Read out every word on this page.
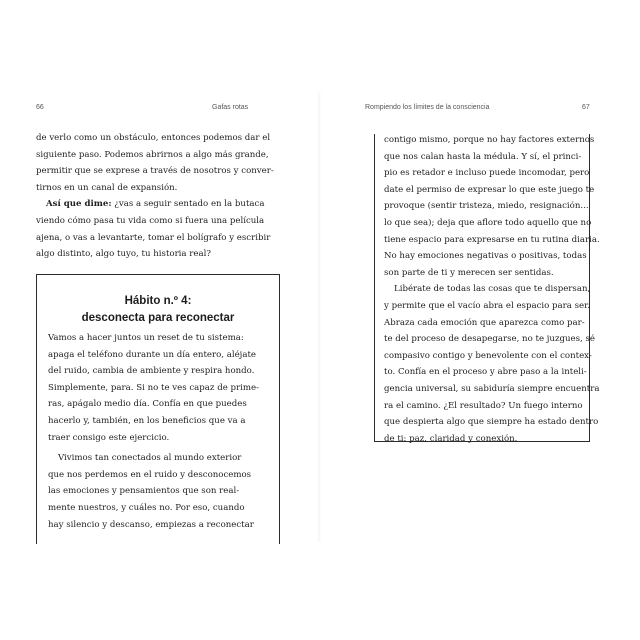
66	Gafas rotas	Rompiendo los límites de la consciencia	67
de verlo como un obstáculo, entonces podemos dar el
siguiente paso. Podemos abrirnos a algo más grande,
permitir que se exprese a través de nosotros y conver-
tirnos en un canal de expansión.
Así que dime: ¿vas a seguir sentado en la butaca
viendo cómo pasa tu vida como si fuera una película
ajena, o vas a levantarte, tomar el bolígrafo y escribir
algo distinto, algo tuyo, tu historia real?
Hábito n.º 4:
desconecta para reconectar
Vamos a hacer juntos un reset de tu sistema:
apaga el teléfono durante un día entero, aléjate
del ruido, cambia de ambiente y respira hondo.
Simplemente, para. Si no te ves capaz de prime-
ras, apágalo medio día. Confía en que puedes
hacerlo y, también, en los beneficios que va a
traer consigo este ejercicio.
Vivimos tan conectados al mundo exterior
que nos perdemos en el ruido y desconocemos
las emociones y pensamientos que son real-
mente nuestros, y cuáles no. Por eso, cuando
hay silencio y descanso, empiezas a reconectar
contigo mismo, porque no hay factores externos
que nos calan hasta la médula. Y sí, el princi-
pio es retador e incluso puede incomodar, pero
date el permiso de expresar lo que este juego te
provoque (sentir tristeza, miedo, resignación...
lo que sea); deja que aflore todo aquello que no
tiene espacio para expresarse en tu rutina diaria.
No hay emociones negativas o positivas, todas
son parte de ti y merecen ser sentidas.
Libérate de todas las cosas que te dispersan,
y permite que el vacío abra el espacio para ser.
Abraza cada emoción que aparezca como par-
te del proceso de desapegarse, no te juzgues, sé
compasivo contigo y benevolente con el contex-
to. Confía en el proceso y abre paso a la inteli-
gencia universal, su sabiduría siempre encuentra
ra el camino. ¿El resultado? Un fuego interno
que despierta algo que siempre ha estado dentro
de ti: paz, claridad y conexión.
